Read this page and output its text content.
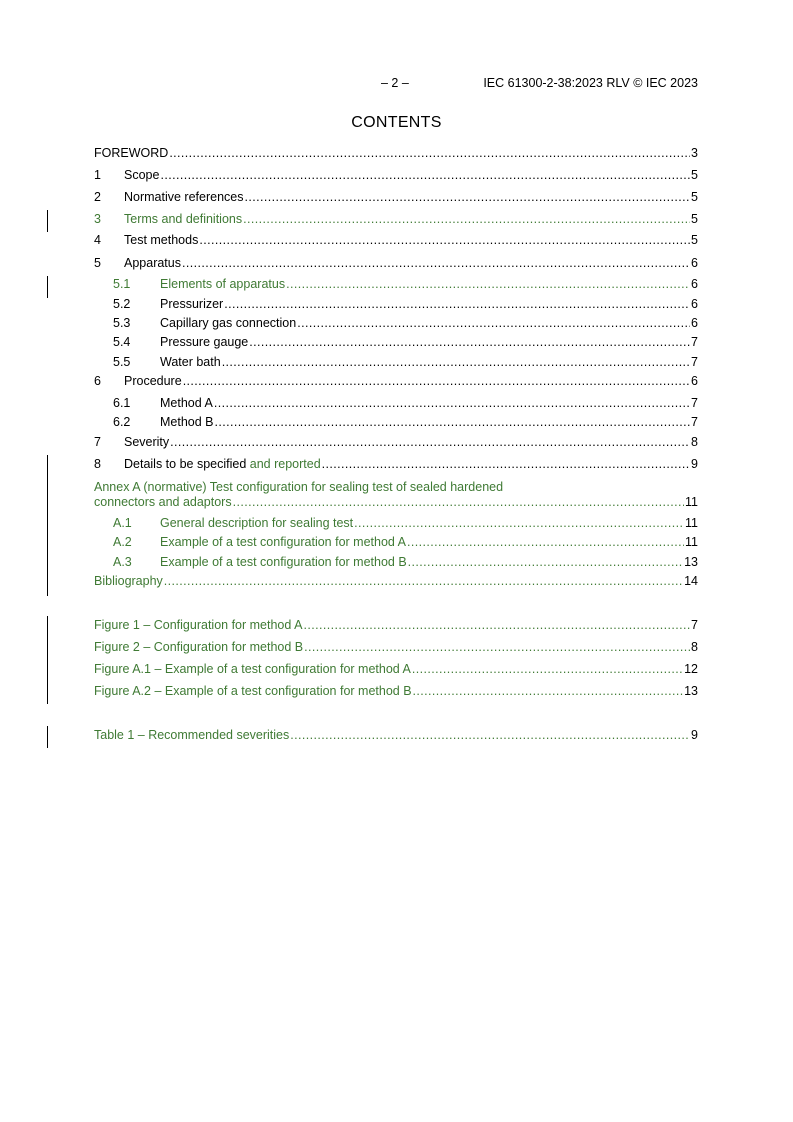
– 2 –	IEC 61300-2-38:2023 RLV © IEC 2023
CONTENTS
FOREWORD .....	3
1	Scope .....	5
2	Normative references .....	5
3	Terms and definitions .....	5
4	Test methods .....	5
5	Apparatus .....	6
5.1	Elements of apparatus .....	6
5.2	Pressurizer .....	6
5.3	Capillary gas connection .....	6
5.4	Pressure gauge .....	7
5.5	Water bath .....	7
6	Procedure .....	6
6.1	Method A .....	7
6.2	Method B .....	7
7	Severity .....	8
8	Details to be specified and reported .....	9
Annex A (normative) Test configuration for sealing test of sealed hardened
connectors and adaptors .....	11
A.1	General description for sealing test .....	11
A.2	Example of a test configuration for method A .....	11
A.3	Example of a test configuration for method B .....	13
Bibliography .....	14
Figure 1 – Configuration for method A .....	7
Figure 2 – Configuration for method B .....	8
Figure A.1 – Example of a test configuration for method A .....	12
Figure A.2 – Example of a test configuration for method B .....	13
Table 1 – Recommended severities .....	9
